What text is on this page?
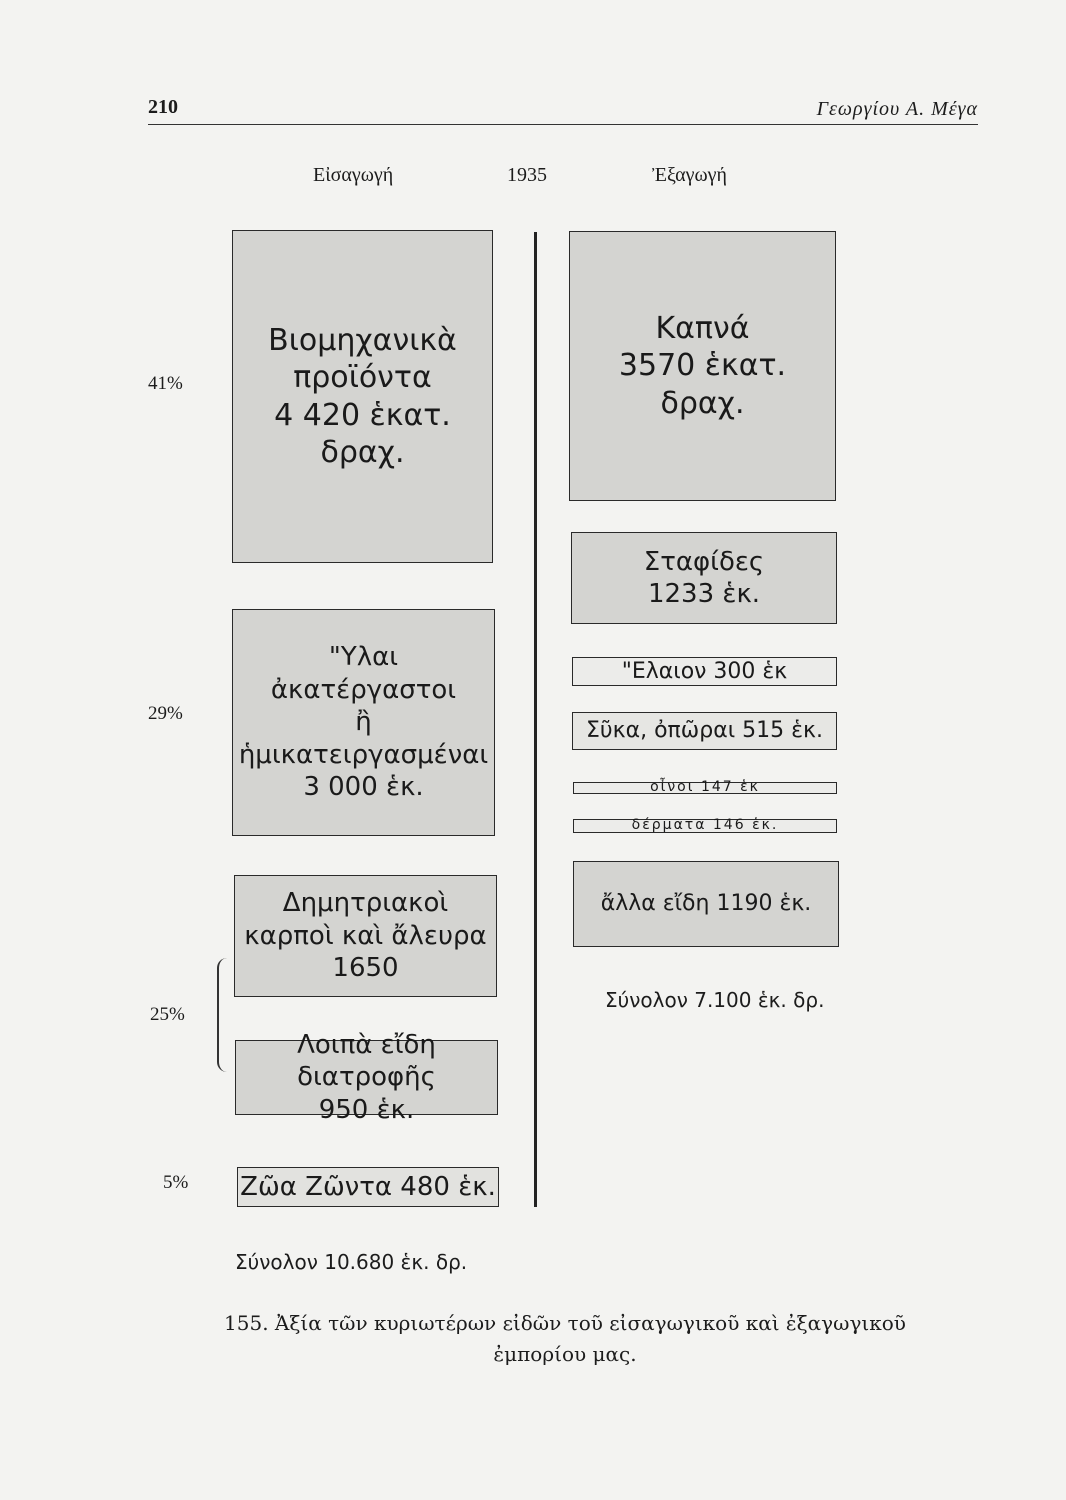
210	Γεωργίου Α. Μέγα
Εἰσαγωγή	1935	Ἐξαγωγή
41%
29%
25%
5%
Βιομηχανικὰ
προϊόντα
4 420 ἑκατ.
δραχ.
"Υλαι ἀκατέργαστοι
ἢ ἡμικατειργασμέναι
3 000 ἑκ.
Δημητριακοὶ
καρποὶ καὶ ἄλευρα
1650
Λοιπὰ εἴδη διατροφῆς
950 ἑκ.
Ζῶα Ζῶντα 480 ἑκ.
Καπνά
3570 ἑκατ.
δραχ.
Σταφίδες
1233 ἑκ.
"Ελαιον 300 ἑκ
Σῦκα, ὀπῶραι 515 ἑκ.
οἶνοι 147 ἑκ
δέρματα 146 ἑκ.
ἄλλα εἴδη 1190 ἑκ.
Σύνολον 7.100 ἑκ. δρ.
Σύνολον 10.680 ἑκ. δρ.
155. Ἀξία τῶν κυριωτέρων εἰδῶν τοῦ εἰσαγωγικοῦ καὶ ἐξαγωγικοῦ
ἐμπορίου μας.
